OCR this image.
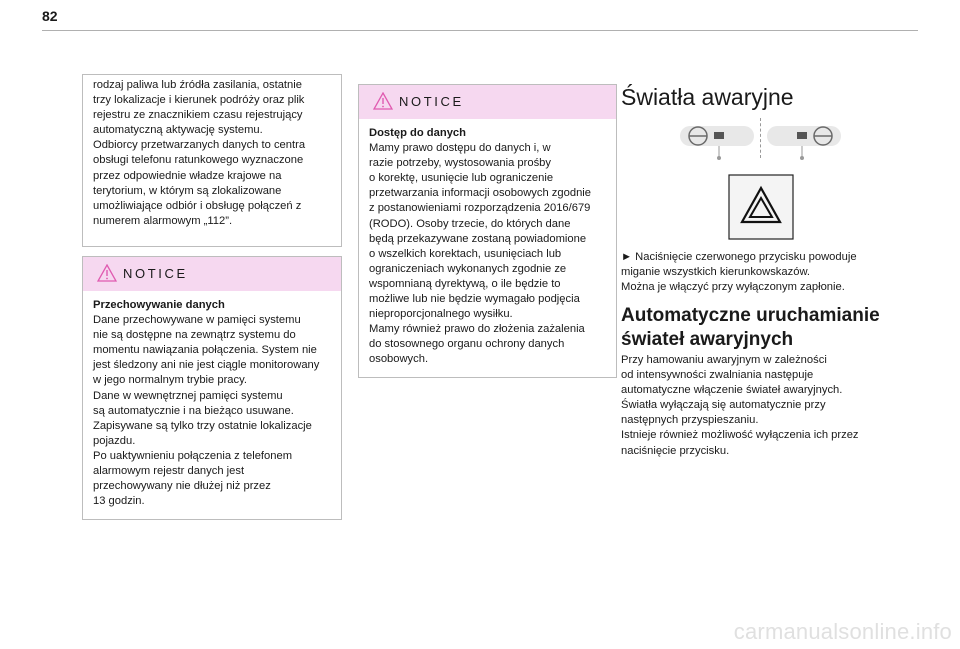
82
rodzaj paliwa lub źródła zasilania, ostatnie
trzy lokalizacje i kierunek podróży oraz plik
rejestru ze znacznikiem czasu rejestrujący
automatyczną aktywację systemu.
Odbiorcy przetwarzanych danych to centra
obsługi telefonu ratunkowego wyznaczone
przez odpowiednie władze krajowe na
terytorium, w którym są zlokalizowane
umożliwiające odbiór i obsługę połączeń z
numerem alarmowym „112”.
NOTICE
Przechowywanie danych
Dane przechowywane w pamięci systemu
nie są dostępne na zewnątrz systemu do
momentu nawiązania połączenia. System nie
jest śledzony ani nie jest ciągle monitorowany
w jego normalnym trybie pracy.
Dane w wewnętrznej pamięci systemu
są automatycznie i na bieżąco usuwane.
Zapisywane są tylko trzy ostatnie lokalizacje
pojazdu.
Po uaktywnieniu połączenia z telefonem
alarmowym rejestr danych jest
przechowywany nie dłużej niż przez
13 godzin.
NOTICE
Dostęp do danych
Mamy prawo dostępu do danych i, w
razie potrzeby, wystosowania prośby
o korektę, usunięcie lub ograniczenie
przetwarzania informacji osobowych zgodnie
z postanowieniami rozporządzenia 2016/679
(RODO). Osoby trzecie, do których dane
będą przekazywane zostaną powiadomione
o wszelkich korektach, usunięciach lub
ograniczeniach wykonanych zgodnie ze
wspomnianą dyrektywą, o ile będzie to
możliwe lub nie będzie wymagało podjęcia
nieproporcjonalnego wysiłku.
Mamy również prawo do złożenia zażalenia
do stosownego organu ochrony danych
osobowych.
Światła awaryjne
► Naciśnięcie czerwonego przycisku powoduje
miganie wszystkich kierunkowskazów.
Można je włączyć przy wyłączonym zapłonie.
Automatyczne uruchamianie
świateł awaryjnych
Przy hamowaniu awaryjnym w zależności
od intensywności zwalniania następuje
automatyczne włączenie świateł awaryjnych.
Światła wyłączają się automatycznie przy
następnych przyspieszaniu.
Istnieje również możliwość wyłączenia ich przez
naciśnięcie przycisku.
carmanualsonline.info
